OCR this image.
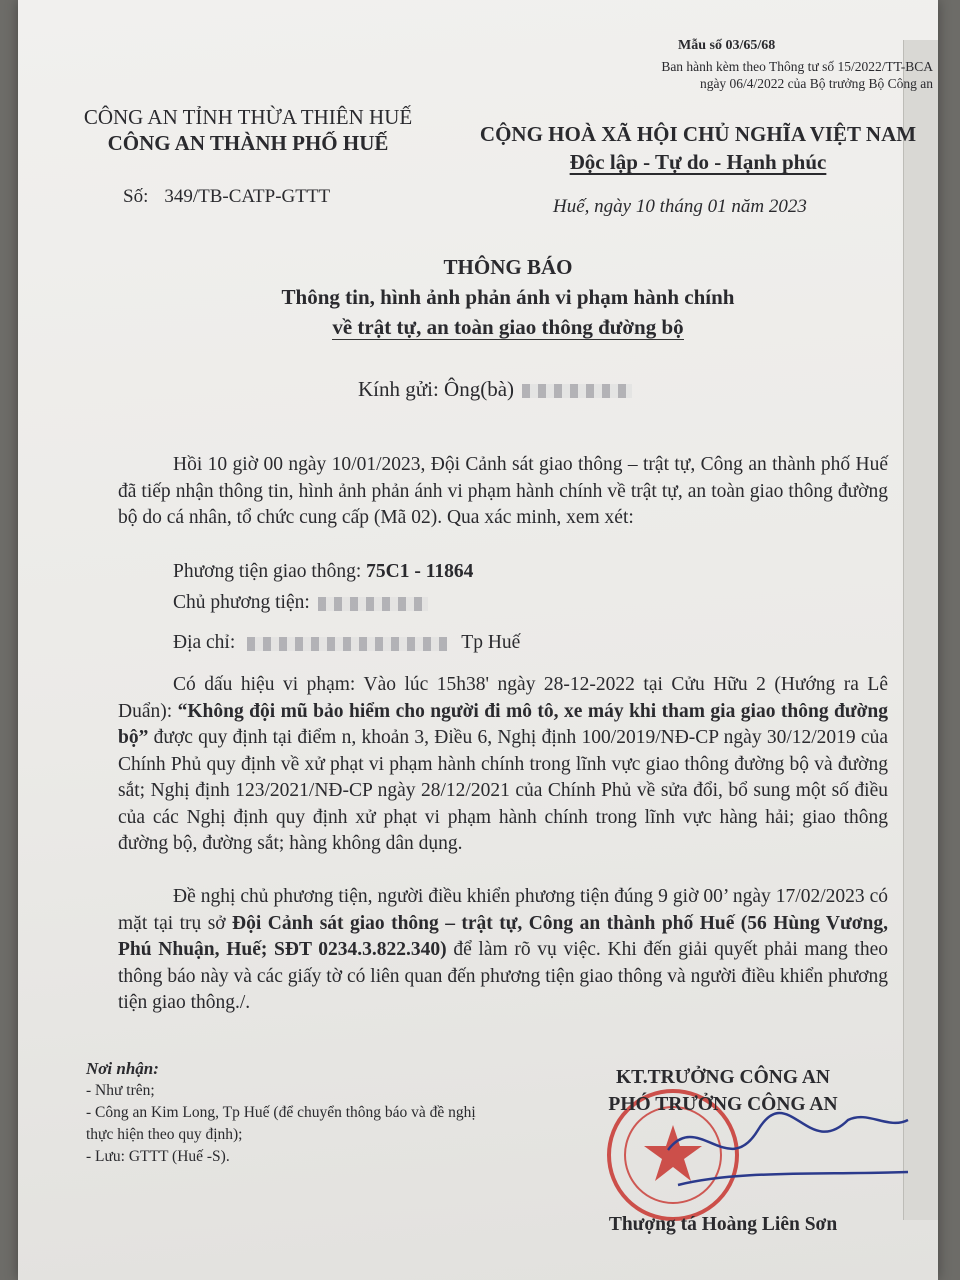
Mẫu số 03/65/68

Ban hành kèm theo Thông tư số 15/2022/TT-BCA
ngày 06/4/2022 của Bộ trưởng Bộ Công an
CÔNG AN TỈNH THỪA THIÊN HUẾ
CÔNG AN THÀNH PHỐ HUẾ	CỘNG HOÀ XÃ HỘI CHỦ NGHĨA VIỆT NAM
Độc lập - Tự do - Hạnh phúc
Số: 349/TB-CATP-GTTT	Huế, ngày 10 tháng 01 năm 2023
THÔNG BÁO
Thông tin, hình ảnh phản ánh vi phạm hành chính
về trật tự, an toàn giao thông đường bộ
Kính gửi: Ông(bà)

Hồi 10 giờ 00 ngày 10/01/2023, Đội Cảnh sát giao thông – trật tự, Công an thành phố Huế đã tiếp nhận thông tin, hình ảnh phản ánh vi phạm hành chính về trật tự, an toàn giao thông đường bộ do cá nhân, tổ chức cung cấp (Mã 02). Qua xác minh, xem xét:

Phương tiện giao thông: 75C1 - 11864
Chủ phương tiện:
Địa chỉ:	Tp Huế

Có dấu hiệu vi phạm: Vào lúc 15h38' ngày 28-12-2022 tại Cửu Hữu 2 (Hướng ra Lê Duẩn): “Không đội mũ bảo hiểm cho người đi mô tô, xe máy khi tham gia giao thông đường bộ” được quy định tại điểm n, khoản 3, Điều 6, Nghị định 100/2019/NĐ-CP ngày 30/12/2019 của Chính Phủ quy định về xử phạt vi phạm hành chính trong lĩnh vực giao thông đường bộ và đường sắt; Nghị định 123/2021/NĐ-CP ngày 28/12/2021 của Chính Phủ về sửa đổi, bổ sung một số điều của các Nghị định quy định xử phạt vi phạm hành chính trong lĩnh vực hàng hải; giao thông đường bộ, đường sắt; hàng không dân dụng.

Đề nghị chủ phương tiện, người điều khiển phương tiện đúng 9 giờ 00’ ngày 17/02/2023 có mặt tại trụ sở Đội Cảnh sát giao thông – trật tự, Công an thành phố Huế (56 Hùng Vương, Phú Nhuận, Huế; SĐT 0234.3.822.340) để làm rõ vụ việc. Khi đến giải quyết phải mang theo thông báo này và các giấy tờ có liên quan đến phương tiện giao thông và người điều khiển phương tiện giao thông./.

Nơi nhận:
- Như trên;
- Công an Kim Long, Tp Huế (để chuyển thông báo và đề nghị thực hiện theo quy định);
- Lưu: GTTT (Huế -S).
KT.TRƯỞNG CÔNG AN
PHÓ TRƯỞNG CÔNG AN
Thượng tá Hoàng Liên Sơn
